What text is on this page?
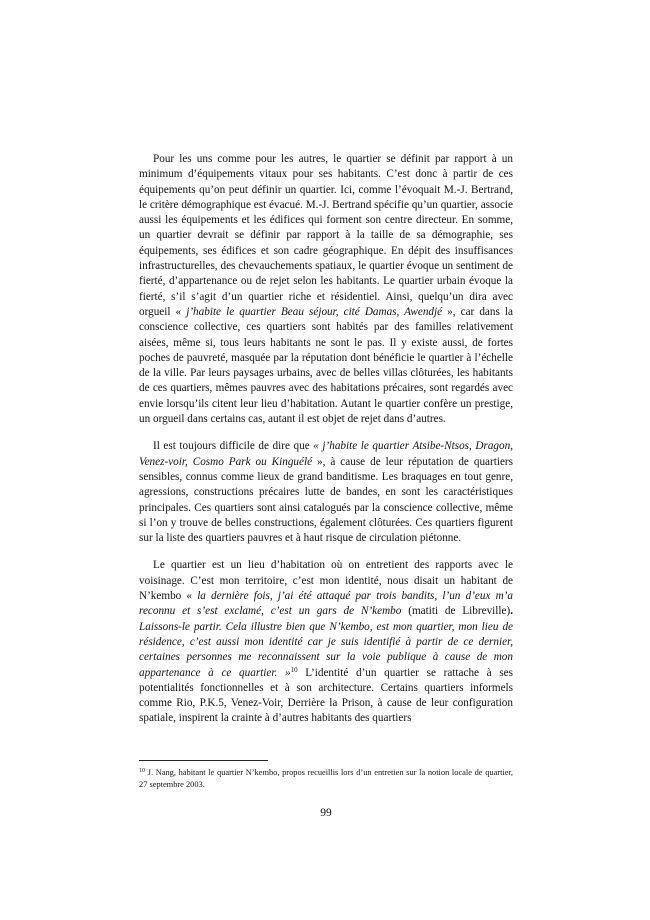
Pour les uns comme pour les autres, le quartier se définit par rapport à un minimum d’équipements vitaux pour ses habitants. C’est donc à partir de ces équipements qu’on peut définir un quartier. Ici, comme l’évoquait M.-J. Bertrand, le critère démographique est évacué. M.-J. Bertrand spécifie qu’un quartier, associe aussi les équipements et les édifices qui forment son centre directeur. En somme, un quartier devrait se définir par rapport à la taille de sa démographie, ses équipements, ses édifices et son cadre géographique. En dépit des insuffisances infrastructurelles, des chevauchements spatiaux, le quartier évoque un sentiment de fierté, d’appartenance ou de rejet selon les habitants. Le quartier urbain évoque la fierté, s’il s’agit d’un quartier riche et résidentiel. Ainsi, quelqu’un dira avec orgueil « j’habite le quartier Beau séjour, cité Damas, Awendjé », car dans la conscience collective, ces quartiers sont habités par des familles relativement aisées, même si, tous leurs habitants ne sont le pas. Il y existe aussi, de fortes poches de pauvreté, masquée par la réputation dont bénéficie le quartier à l’échelle de la ville. Par leurs paysages urbains, avec de belles villas clôturées, les habitants de ces quartiers, mêmes pauvres avec des habitations précaires, sont regardés avec envie lorsqu’ils citent leur lieu d’habitation. Autant le quartier confère un prestige, un orgueil dans certains cas, autant il est objet de rejet dans d’autres.

Il est toujours difficile de dire que « j’habite le quartier Atsibe-Ntsos, Dragon, Venez-voir, Cosmo Park ou Kinguélé », à cause de leur réputation de quartiers sensibles, connus comme lieux de grand banditisme. Les braquages en tout genre, agressions, constructions précaires lutte de bandes, en sont les caractéristiques principales. Ces quartiers sont ainsi catalogués par la conscience collective, même si l’on y trouve de belles constructions, également clôturées. Ces quartiers figurent sur la liste des quartiers pauvres et à haut risque de circulation piétonne.

Le quartier est un lieu d’habitation où on entretient des rapports avec le voisinage. C’est mon territoire, c’est mon identité, nous disait un habitant de N’kembo « la dernière fois, j’ai été attaqué par trois bandits, l’un d’eux m’a reconnu et s’est exclamé, c’est un gars de N’kembo (matiti de Libreville). Laissons-le partir. Cela illustre bien que N’kembo, est mon quartier, mon lieu de résidence, c’est aussi mon identité car je suis identifié à partir de ce dernier, certaines personnes me reconnaissent sur la voie publique à cause de mon appartenance à ce quartier. »$^{10}$ L’identité d’un quartier se rattache à ses potentialités fonctionnelles et à son architecture. Certains quartiers informels comme Rio, P.K.5, Venez-Voir, Derrière la Prison, à cause de leur configuration spatiale, inspirent la crainte à d’autres habitants des quartiers

$^{10}$ J. Nang, habitant le quartier N’kembo, propos recueillis lors d’un entretien sur la notion locale de quartier, 27 septembre 2003.

99
